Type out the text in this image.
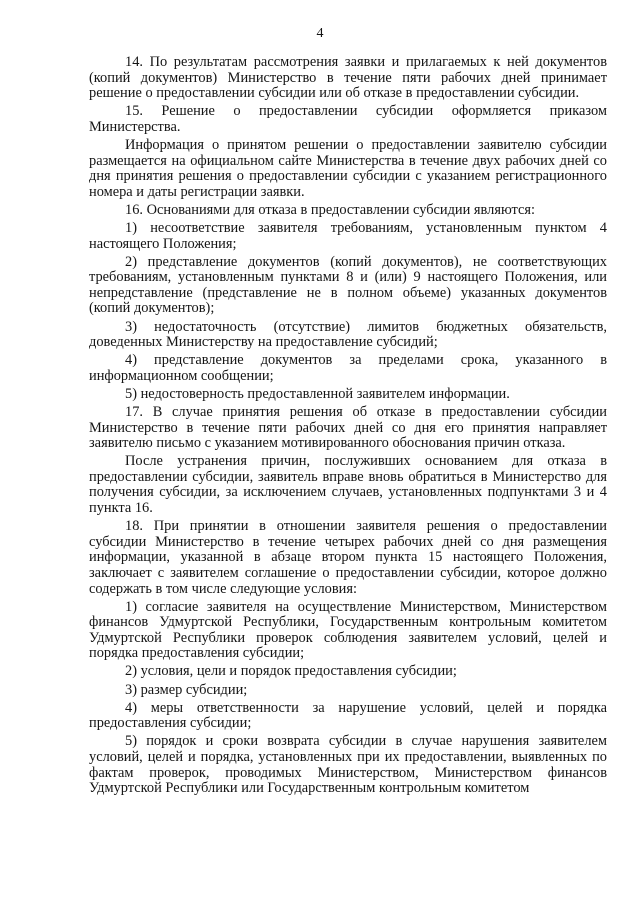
4

14. По результатам рассмотрения заявки и прилагаемых к ней документов (копий документов) Министерство в течение пяти рабочих дней принимает решение о предоставлении субсидии или об отказе в предоставлении субсидии.

15. Решение о предоставлении субсидии оформляется приказом Министерства.

Информация о принятом решении о предоставлении заявителю субсидии размещается на официальном сайте Министерства в течение двух рабочих дней со дня принятия решения о предоставлении субсидии с указанием регистрационного номера и даты регистрации заявки.

16. Основаниями для отказа в предоставлении субсидии являются:

1) несоответствие заявителя требованиям, установленным пунктом 4 настоящего Положения;

2) представление документов (копий документов), не соответствующих требованиям, установленным пунктами 8 и (или) 9 настоящего Положения, или непредставление (представление не в полном объеме) указанных документов (копий документов);

3) недостаточность (отсутствие) лимитов бюджетных обязательств, доведенных Министерству на предоставление субсидий;

4) представление документов за пределами срока, указанного в информационном сообщении;

5) недостоверность предоставленной заявителем информации.

17. В случае принятия решения об отказе в предоставлении субсидии Министерство в течение пяти рабочих дней со дня его принятия направляет заявителю письмо с указанием мотивированного обоснования причин отказа.

После устранения причин, послуживших основанием для отказа в предоставлении субсидии, заявитель вправе вновь обратиться в Министерство для получения субсидии, за исключением случаев, установленных подпунктами 3 и 4 пункта 16.

18. При принятии в отношении заявителя решения о предоставлении субсидии Министерство в течение четырех рабочих дней со дня размещения информации, указанной в абзаце втором пункта 15 настоящего Положения, заключает с заявителем соглашение о предоставлении субсидии, которое должно содержать в том числе следующие условия:

1) согласие заявителя на осуществление Министерством, Министерством финансов Удмуртской Республики, Государственным контрольным комитетом Удмуртской Республики проверок соблюдения заявителем условий, целей и порядка предоставления субсидии;

2) условия, цели и порядок предоставления субсидии;

3) размер субсидии;

4) меры ответственности за нарушение условий, целей и порядка предоставления субсидии;

5) порядок и сроки возврата субсидии в случае нарушения заявителем условий, целей и порядка, установленных при их предоставлении, выявленных по фактам проверок, проводимых Министерством, Министерством финансов Удмуртской Республики или Государственным контрольным комитетом
